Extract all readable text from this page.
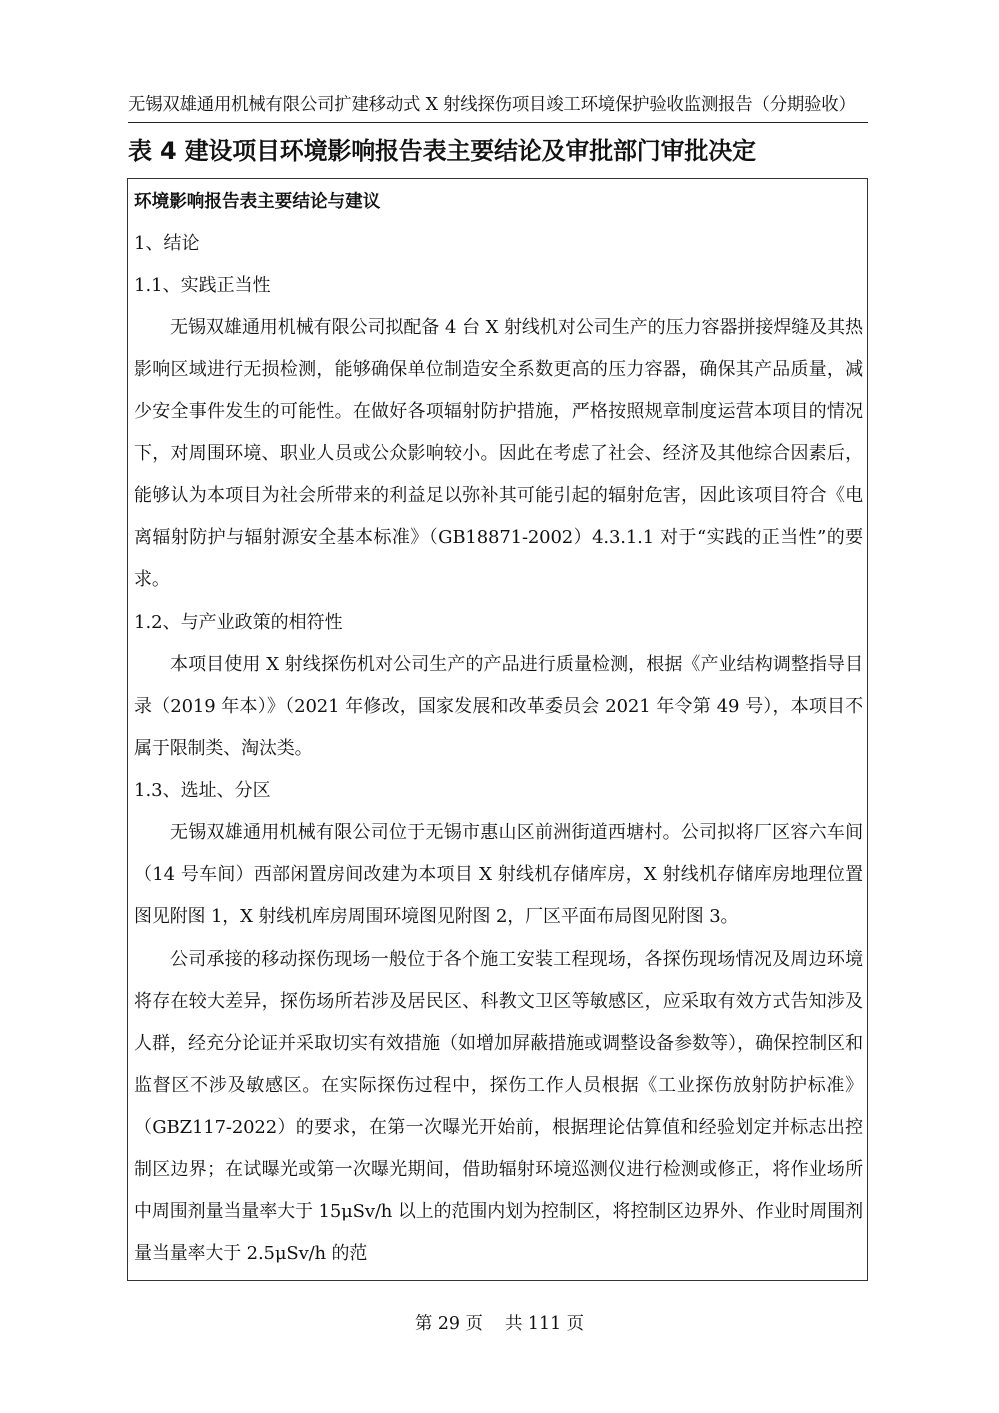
无锡双雄通用机械有限公司扩建移动式 X 射线探伤项目竣工环境保护验收监测报告（分期验收）
表 4 建设项目环境影响报告表主要结论及审批部门审批决定
环境影响报告表主要结论与建议
1、结论
1.1、实践正当性

无锡双雄通用机械有限公司拟配备 4 台 X 射线机对公司生产的压力容器拼接焊缝及其热影响区域进行无损检测，能够确保单位制造安全系数更高的压力容器，确保其产品质量，减少安全事件发生的可能性。在做好各项辐射防护措施，严格按照规章制度运营本项目的情况下，对周围环境、职业人员或公众影响较小。因此在考虑了社会、经济及其他综合因素后，能够认为本项目为社会所带来的利益足以弥补其可能引起的辐射危害，因此该项目符合《电离辐射防护与辐射源安全基本标准》（GB18871-2002）4.3.1.1 对于“实践的正当性”的要求。

1.2、与产业政策的相符性

本项目使用 X 射线探伤机对公司生产的产品进行质量检测，根据《产业结构调整指导目录（2019 年本）》（2021 年修改，国家发展和改革委员会 2021 年令第 49 号），本项目不属于限制类、淘汰类。

1.3、选址、分区

无锡双雄通用机械有限公司位于无锡市惠山区前洲街道西塘村。公司拟将厂区容六车间（14 号车间）西部闲置房间改建为本项目 X 射线机存储库房，X 射线机存储库房地理位置图见附图 1，X 射线机库房周围环境图见附图 2，厂区平面布局图见附图 3。

公司承接的移动探伤现场一般位于各个施工安装工程现场，各探伤现场情况及周边环境将存在较大差异，探伤场所若涉及居民区、科教文卫区等敏感区，应采取有效方式告知涉及人群，经充分论证并采取切实有效措施（如增加屏蔽措施或调整设备参数等），确保控制区和监督区不涉及敏感区。在实际探伤过程中，探伤工作人员根据《工业探伤放射防护标准》（GBZ117-2022）的要求，在第一次曝光开始前，根据理论估算值和经验划定并标志出控制区边界；在试曝光或第一次曝光期间，借助辐射环境巡测仪进行检测或修正，将作业场所中周围剂量当量率大于 15μSv/h 以上的范围内划为控制区，将控制区边界外、作业时周围剂量当量率大于 2.5μSv/h 的范

第 29 页    共 111 页
